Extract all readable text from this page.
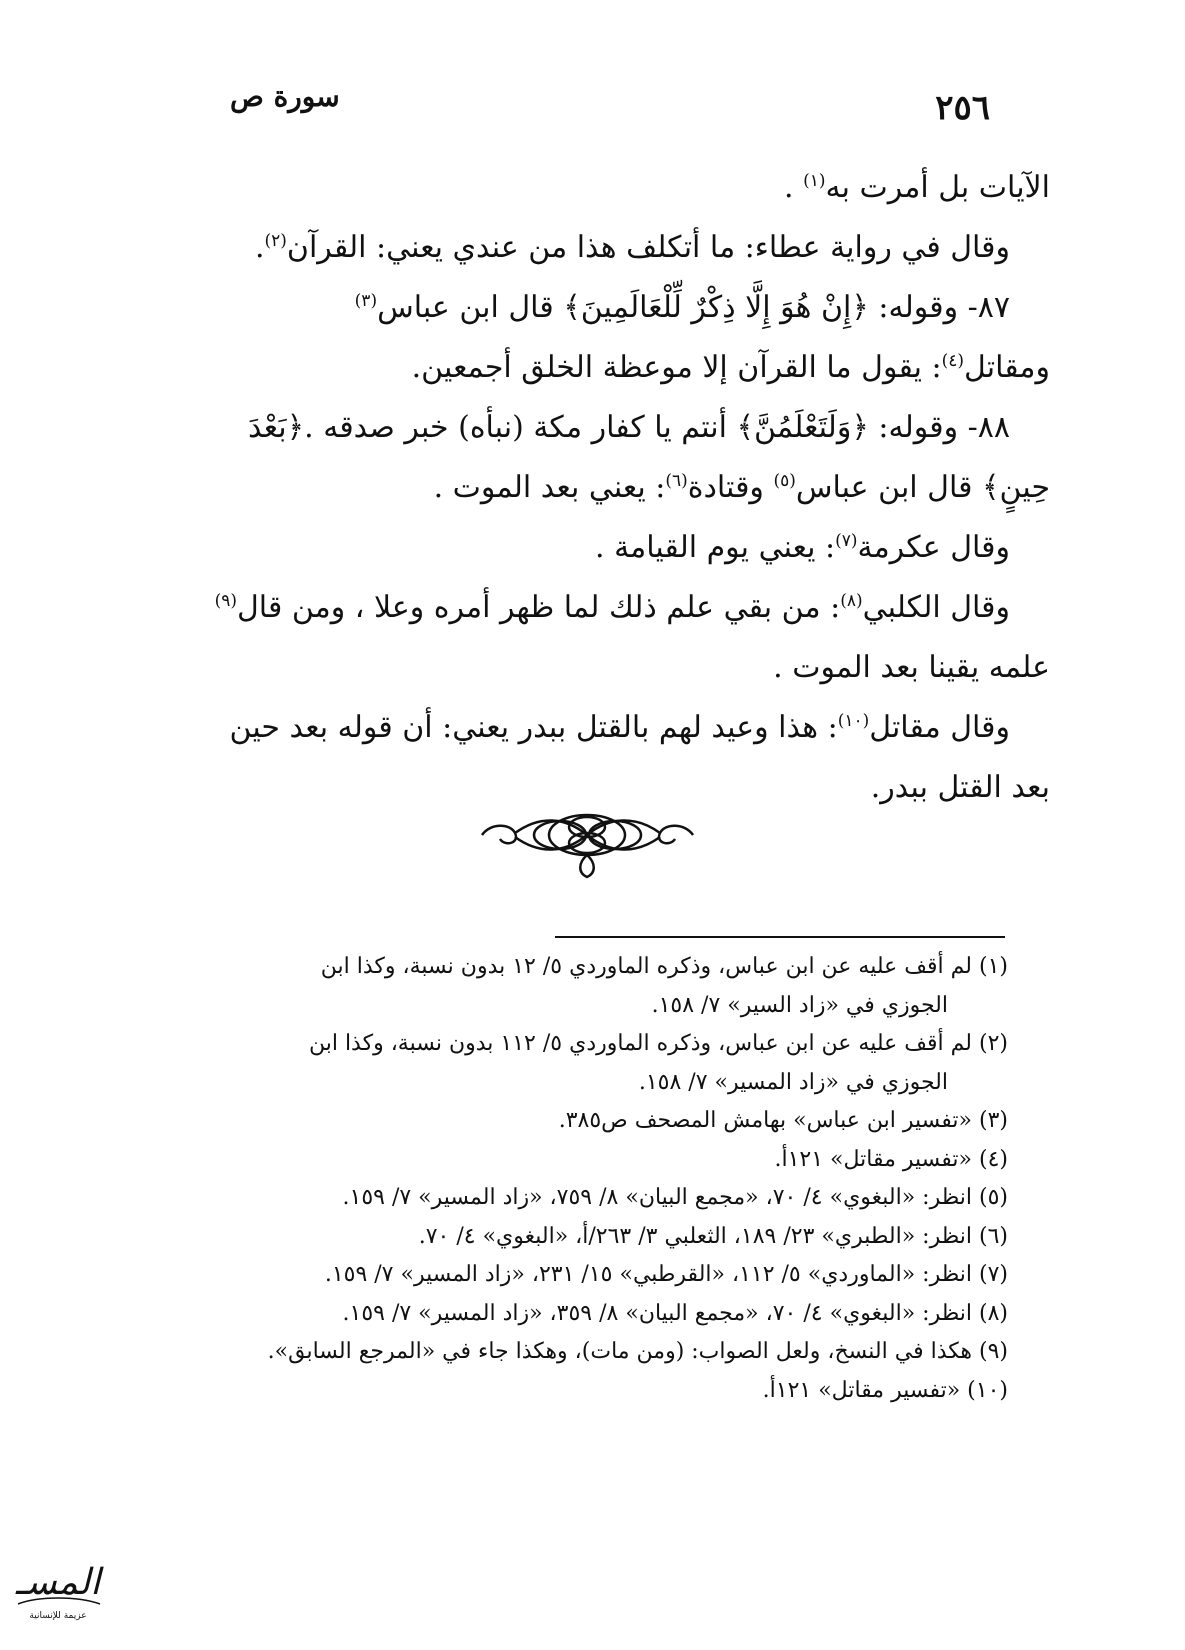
سورة ص	٢٥٦
الآيات بل أمرت به$^{(١)}$ .
وقال في رواية عطاء: ما أتكلف هذا من عندي يعني: القرآن$^{(٢)}$.
٨٧- وقوله: ﴿إِنْ هُوَ إِلَّا ذِكْرٌ لِّلْعَالَمِينَ﴾ قال ابن عباس$^{(٣)}$
ومقاتل$^{(٤)}$: يقول ما القرآن إلا موعظة الخلق أجمعين.
٨٨- وقوله: ﴿وَلَتَعْلَمُنَّ﴾ أنتم يا كفار مكة (نبأه) خبر صدقه .﴿بَعْدَ
حِينٍ﴾ قال ابن عباس$^{(٥)}$ وقتادة$^{(٦)}$: يعني بعد الموت .
وقال عكرمة$^{(٧)}$: يعني يوم القيامة .
وقال الكلبي$^{(٨)}$: من بقي علم ذلك لما ظهر أمره وعلا ، ومن قال$^{(٩)}$
علمه يقينا بعد الموت .
وقال مقاتل$^{(١٠)}$: هذا وعيد لهم بالقتل ببدر يعني: أن قوله بعد حين
بعد القتل ببدر.
(١) لم أقف عليه عن ابن عباس، وذكره الماوردي ٥/ ١٢ بدون نسبة، وكذا ابن
الجوزي في «زاد السير» ٧/ ١٥٨.
(٢) لم أقف عليه عن ابن عباس، وذكره الماوردي ٥/ ١١٢ بدون نسبة، وكذا ابن
الجوزي في «زاد المسير» ٧/ ١٥٨.
(٣) «تفسير ابن عباس» بهامش المصحف ص٣٨٥.
(٤) «تفسير مقاتل» ١٢١أ.
(٥) انظر: «البغوي» ٤/ ٧٠، «مجمع البيان» ٨/ ٧٥٩، «زاد المسير» ٧/ ١٥٩.
(٦) انظر: «الطبري» ٢٣/ ١٨٩، الثعلبي ٣/ ٢٦٣/أ، «البغوي» ٤/ ٧٠.
(٧) انظر: «الماوردي» ٥/ ١١٢، «القرطبي» ١٥/ ٢٣١، «زاد المسير» ٧/ ١٥٩.
(٨) انظر: «البغوي» ٤/ ٧٠، «مجمع البيان» ٨/ ٣٥٩، «زاد المسير» ٧/ ١٥٩.
(٩) هكذا في النسخ، ولعل الصواب: (ومن مات)، وهكذا جاء في «المرجع السابق».
(١٠) «تفسير مقاتل» ١٢١أ.
المسـ
عزيمة للإنسانية
